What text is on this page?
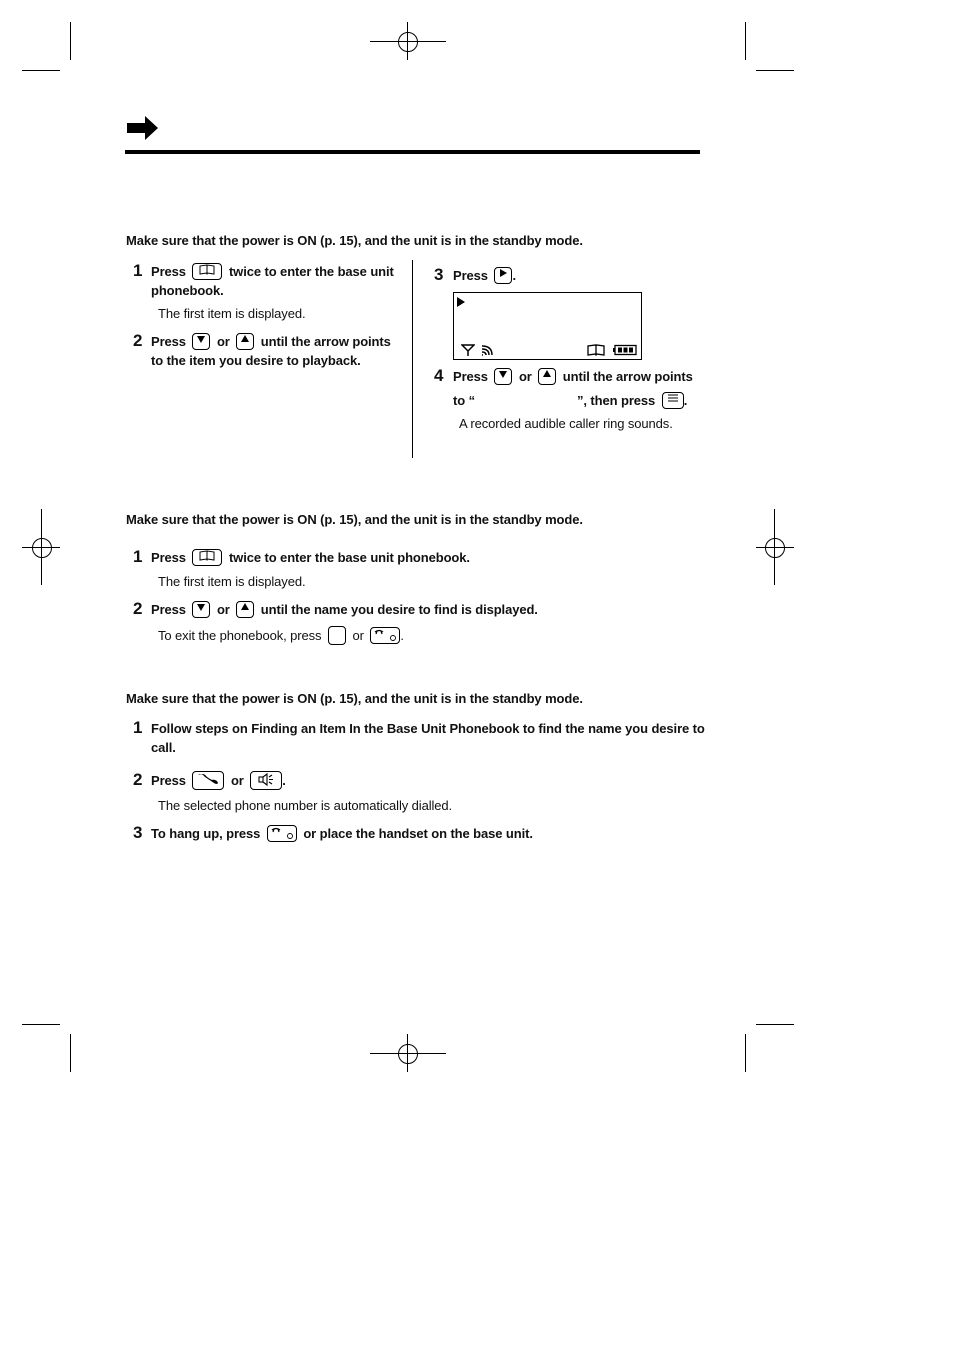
Make sure that the power is ON (p. 15), and the unit is in the standby mode.
1 Press	twice to enter the base unit
phonebook.
The first item is displayed.
2 Press or until the arrow points
to the item you desire to playback.
3 Press .
4 Press or until the arrow points
to “	”, then press .
A recorded audible caller ring sounds.
Make sure that the power is ON (p. 15), and the unit is in the standby mode.
1 Press	twice to enter the base unit phonebook.
The first item is displayed.
2 Press or until the name you desire to find is displayed.
To exit the phonebook, press or	.
Make sure that the power is ON (p. 15), and the unit is in the standby mode.
1 Follow steps on Finding an Item In the Base Unit Phonebook to find the name you desire to
call.
2 Press	or	.
The selected phone number is automatically dialled.
3 To hang up, press	or place the handset on the base unit.
